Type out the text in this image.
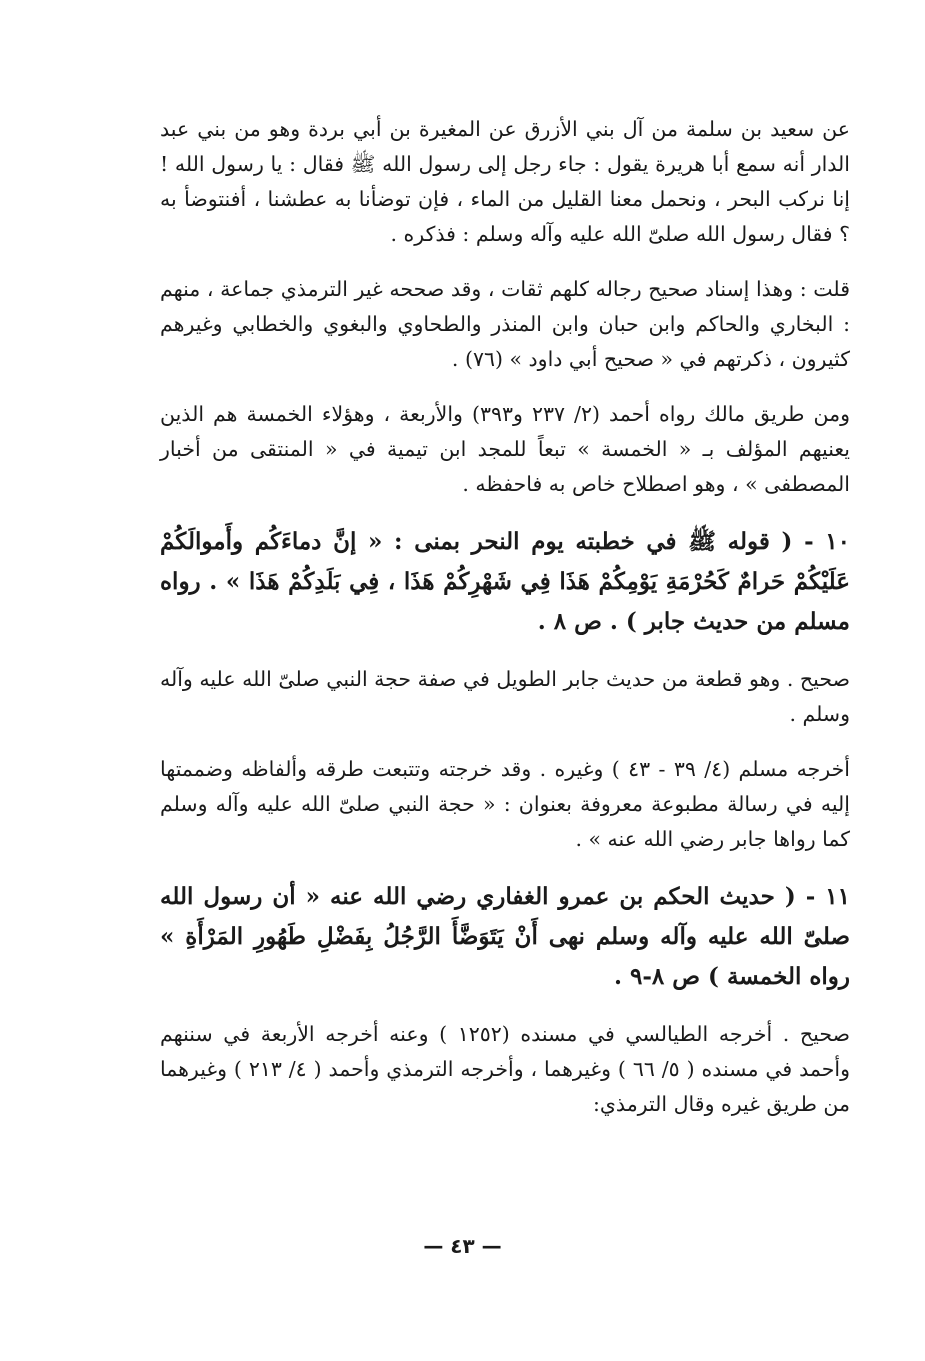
عن سعيد بن سلمة من آل بني الأزرق عن المغيرة بن أبي بردة وهو من بني عبد الدار أنه سمع أبا هريرة يقول : جاء رجل إلى رسول الله ﷺ فقال : يا رسول الله ! إنا نركب البحر ، ونحمل معنا القليل من الماء ، فإن توضأنا به عطشنا ، أفنتوضأ به ؟ فقال رسول الله صلىّ الله عليه وآله وسلم : فذكره .

قلت : وهذا إسناد صحيح رجاله كلهم ثقات ، وقد صححه غير الترمذي جماعة ، منهم : البخاري والحاكم وابن حبان وابن المنذر والطحاوي والبغوي والخطابي وغيرهم كثيرون ، ذكرتهم في « صحيح أبي داود » (٧٦) .

ومن طريق مالك رواه أحمد (٢/ ٢٣٧ و٣٩٣) والأربعة ، وهؤلاء الخمسة هم الذين يعنيهم المؤلف بـ « الخمسة » تبعاً للمجد ابن تيمية في « المنتقى من أخبار المصطفى » ، وهو اصطلاح خاص به فاحفظه .

١٠ - ( قوله ﷺ في خطبته يوم النحر بمنى : « إنَّ دماءَكُم وأَموالَكُمْ عَلَيْكُمْ حَرامٌ كَحُرْمَةِ يَوْمِكُمْ هَذَا فِي شَهْرِكُمْ هَذَا ، فِي بَلَدِكُمْ هَذَا » . رواه مسلم من حديث جابر ) . ص ٨ .

صحيح . وهو قطعة من حديث جابر الطويل في صفة حجة النبي صلىّ الله عليه وآله وسلم .

أخرجه مسلم (٤/ ٣٩ - ٤٣ ) وغيره . وقد خرجته وتتبعت طرقه وألفاظه وضممتها إليه في رسالة مطبوعة معروفة بعنوان : « حجة النبي صلىّ الله عليه وآله وسلم كما رواها جابر رضي الله عنه » .

١١ - ( حديث الحكم بن عمرو الغفاري رضي الله عنه « أن رسول الله صلىّ الله عليه وآله وسلم نهى أَنْ يَتَوَضَّأَ الرَّجُلُ بِفَضْلِ طَهُورِ المَرْأَةِ » رواه الخمسة ) ص ٨-٩ .

صحيح . أخرجه الطيالسي في مسنده (١٢٥٢ ) وعنه أخرجه الأربعة في سننهم وأحمد في مسنده ( ٥/ ٦٦ ) وغيرهما ، وأخرجه الترمذي وأحمد ( ٤/ ٢١٣ ) وغيرهما من طريق غيره وقال الترمذي:

— ٤٣ —
